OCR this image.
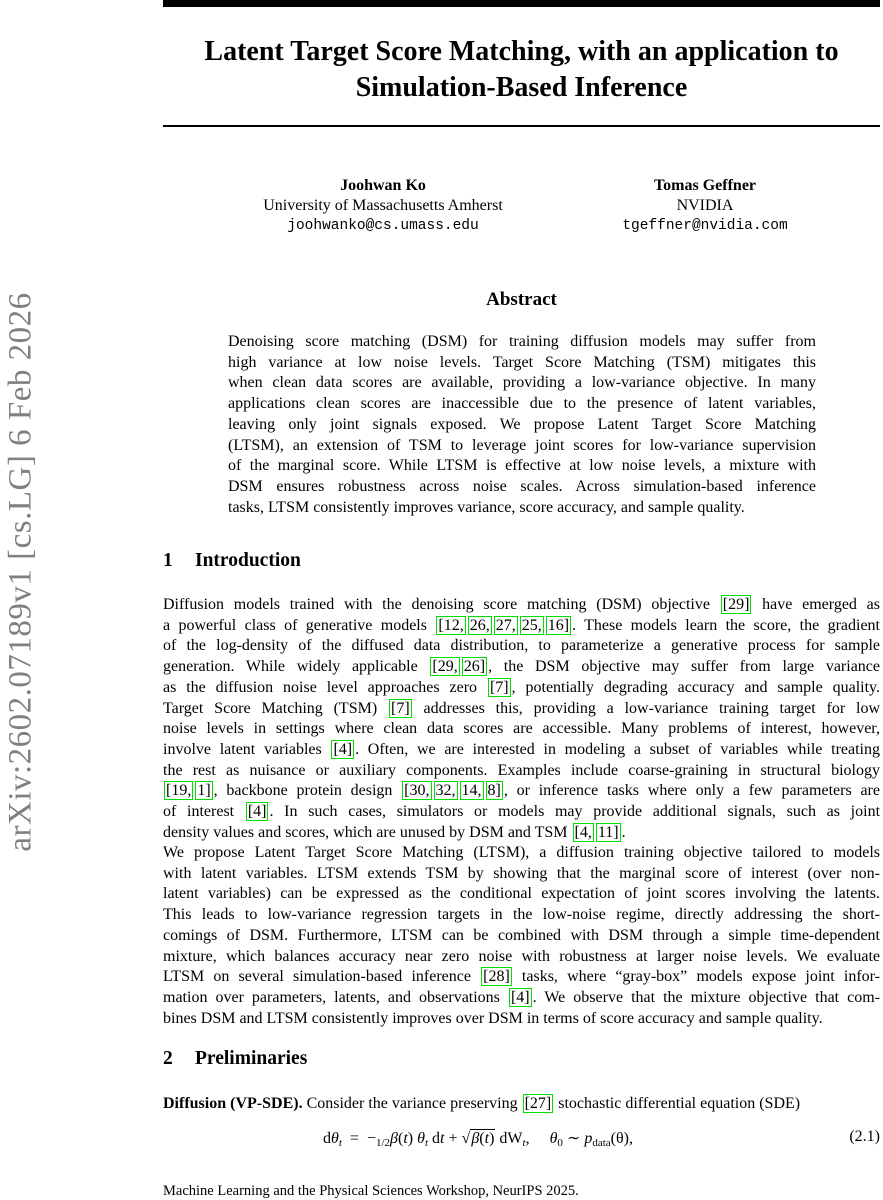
arXiv:2602.07189v1 [cs.LG] 6 Feb 2026
Latent Target Score Matching, with an application to
Simulation-Based Inference
Joohwan Ko
University of Massachusetts Amherst
joohwanko@cs.umass.edu
Tomas Geffner
NVIDIA
tgeffner@nvidia.com
Abstract

Denoising score matching (DSM) for training diffusion models may suffer from
high variance at low noise levels. Target Score Matching (TSM) mitigates this
when clean data scores are available, providing a low-variance objective. In many
applications clean scores are inaccessible due to the presence of latent variables,
leaving only joint signals exposed. We propose Latent Target Score Matching
(LTSM), an extension of TSM to leverage joint scores for low-variance supervision
of the marginal score. While LTSM is effective at low noise levels, a mixture with
DSM ensures robustness across noise scales. Across simulation-based inference
tasks, LTSM consistently improves variance, score accuracy, and sample quality.

1 Introduction

Diffusion models trained with the denoising score matching (DSM) objective [29] have emerged as
a powerful class of generative models [12, 26, 27, 25, 16] . These models learn the score, the gradient
of the log-density of the diffused data distribution, to parameterize a generative process for sample
generation. While widely applicable [29, 26] , the DSM objective may suffer from large variance
as the diffusion noise level approaches zero [7] , potentially degrading accuracy and sample quality.
Target Score Matching (TSM) [7] addresses this, providing a low-variance training target for low
noise levels in settings where clean data scores are accessible. Many problems of interest, however,
involve latent variables [4] . Often, we are interested in modeling a subset of variables while treating
the rest as nuisance or auxiliary components. Examples include coarse-graining in structural biology
[19, 1] , backbone protein design [30, 32, 14, 8] , or inference tasks where only a few parameters are
of interest [4] . In such cases, simulators or models may provide additional signals, such as joint
density values and scores, which are unused by DSM and TSM [4, 11] .

We propose Latent Target Score Matching (LTSM), a diffusion training objective tailored to models
with latent variables. LTSM extends TSM by showing that the marginal score of interest (over non-
latent variables) can be expressed as the conditional expectation of joint scores involving the latents.
This leads to low-variance regression targets in the low-noise regime, directly addressing the short-
comings of DSM. Furthermore, LTSM can be combined with DSM through a simple time-dependent
mixture, which balances accuracy near zero noise with robustness at larger noise levels. We evaluate
LTSM on several simulation-based inference [28] tasks, where “gray-box” models expose joint infor-
mation over parameters, latents, and observations [4] . We observe that the mixture objective that com-
bines DSM and LTSM consistently improves over DSM in terms of score accuracy and sample quality.

2 Preliminaries

Diffusion (VP-SDE). Consider the variance preserving [27] stochastic differential equation (SDE)

$d\theta_t = -_{1/2}\beta(t)$ $\theta_t$ dt + √β(t) $dW_t$, $\theta_0$ ∼ $p_{data}(\theta)$,	(2.1)

Machine Learning and the Physical Sciences Workshop, NeurIPS 2025.
